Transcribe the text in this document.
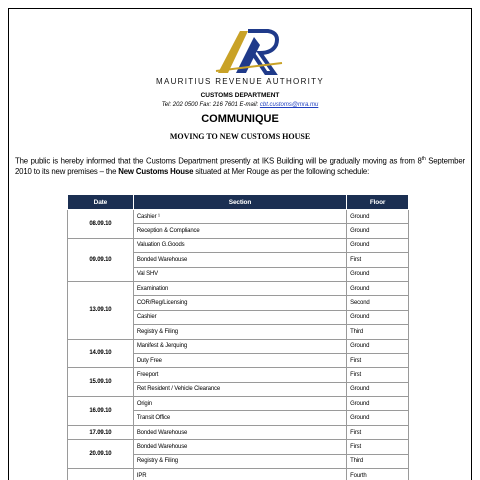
MAURITIUS REVENUE AUTHORITY
CUSTOMS DEPARTMENT
Tel: 202 0500 Fax: 216 7601 E-mail: cbt.customs@mra.mu
COMMUNIQUE
MOVING TO NEW CUSTOMS HOUSE

The public is hereby informed that the Customs Department presently at IKS Building will be gradually moving as from 8th September 2010 to its new premises – the New Customs House situated at Mer Rouge as per the following schedule:

Date	Section	Floor
08.09.10	Cashier ¹	Ground
	Reception & Compliance	Ground
09.09.10	Valuation G.Goods	Ground
	Bonded Warehouse	First
	Val SHV	Ground
13.09.10	Examination	Ground
	COR/Reg/Licensing	Second
	Cashier	Ground
	Registry & Filing	Third
14.09.10	Manifest & Jerquing	Ground
	Duty Free	First
15.09.10	Freeport	First
	Ret Resident / Vehicle Clearance	Ground
16.09.10	Origin	Ground
	Transit Office	Ground
17.09.10	Bonded Warehouse	First
20.09.10	Bonded Warehouse	First
	Registry & Filing	Third
	IPR	Fourth
